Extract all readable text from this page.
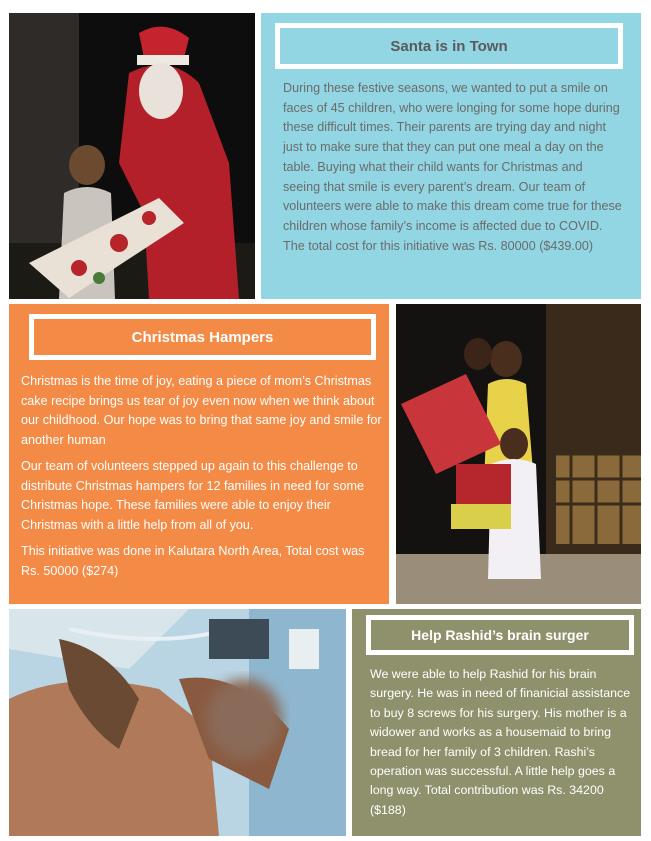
Santa is in Town
During these festive seasons, we wanted to put a smile on faces of 45 children, who were longing for some hope during these difficult times. Their parents are trying day and night just to make sure that they can put one meal a day on the table. Buying what their child wants for Christmas and seeing that smile is every parent’s dream. Our team of volunteers were able to make this dream come true for these children whose family’s income is affected due to COVID. The total cost for this initiative was Rs. 80000 ($439.00)
Christmas Hampers

Christmas is the time of joy, eating a piece of mom’s Christmas cake recipe brings us tear of joy even now when we think about our childhood. Our hope was to bring that same joy and smile for another human

Our team of volunteers stepped up again to this challenge to distribute Christmas hampers for 12 families in need for some Christmas hope. These families were able to enjoy their Christmas with a little help from all of you.

This initiative was done in Kalutara North Area, Total cost was Rs. 50000 ($274)

Help Rashid’s brain surger
We were able to help Rashid for his brain surgery. He was in need of finanicial assistance to buy 8 screws for his surgery. His mother is a widower and works as a housemaid to bring bread for her family of 3 children. Rashi’s operation was successful. A little help goes a long way. Total contribution was Rs. 34200 ($188)
